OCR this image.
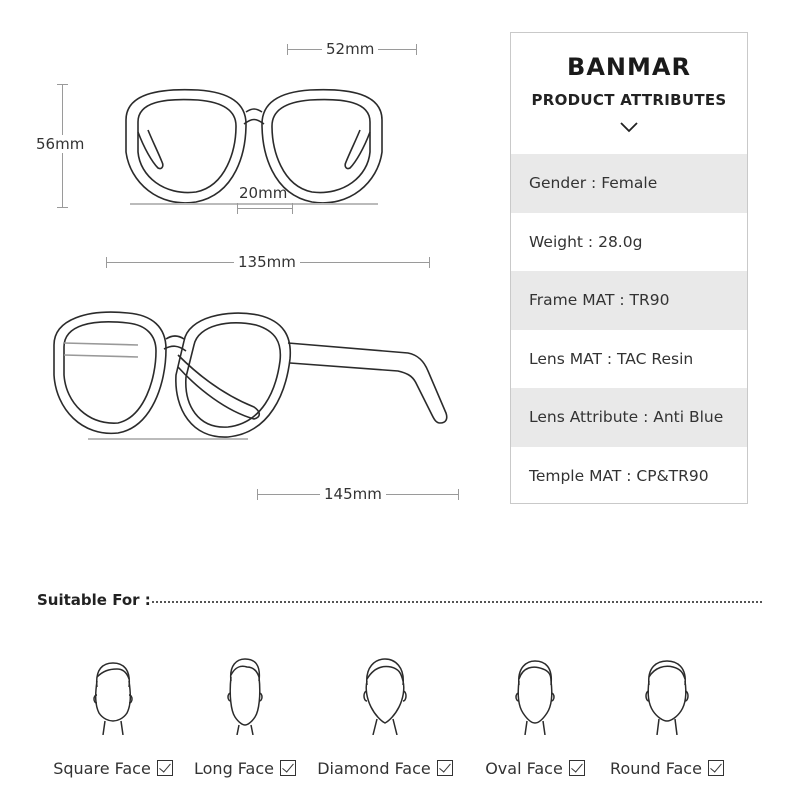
52mm
56mm
20mm
135mm
145mm
BANMAR
PRODUCT ATTRIBUTES
Gender : Female
Weight : 28.0g
Frame MAT : TR90
Lens MAT : TAC Resin
Lens Attribute : Anti Blue
Temple MAT : CP&TR90
Suitable For :
Square Face	Long Face	Diamond Face	Oval Face	Round Face
